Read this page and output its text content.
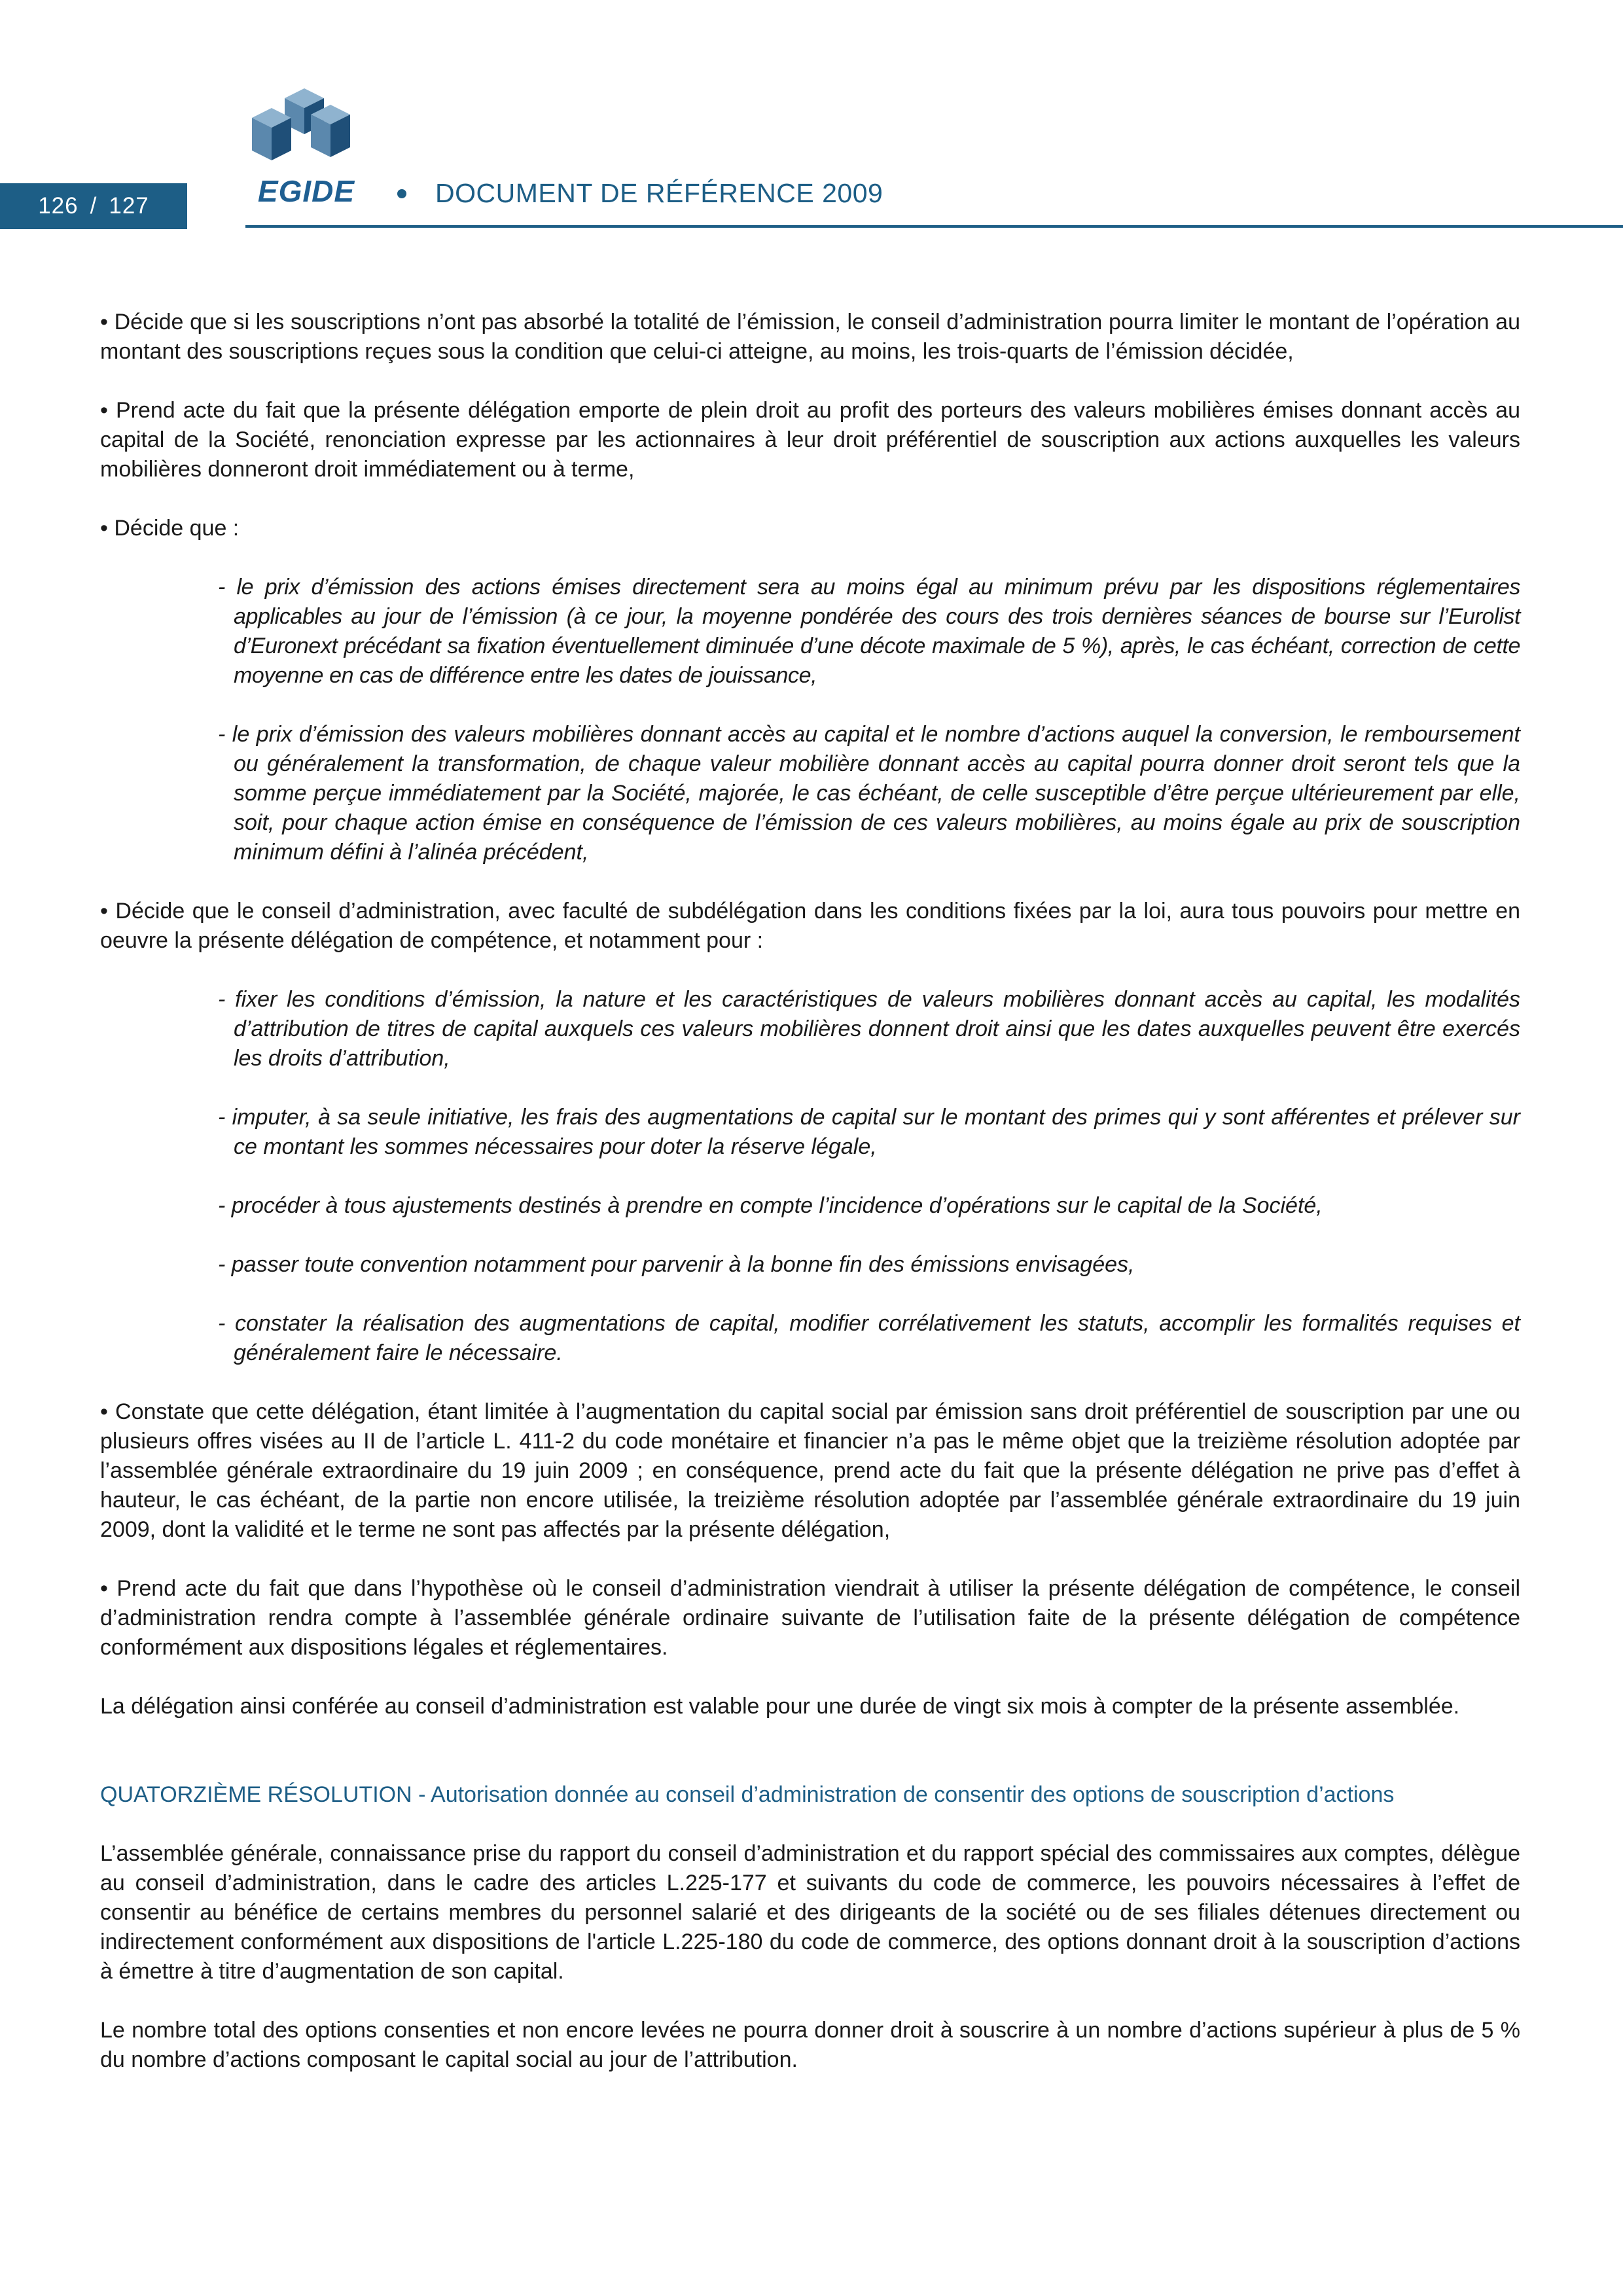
126 / 127	EGIDE	DOCUMENT DE RÉFÉRENCE 2009

• Décide que si les souscriptions n’ont pas absorbé la totalité de l’émission, le conseil d’administration pourra limiter le montant de l’opération au montant des souscriptions reçues sous la condition que celui-ci atteigne, au moins, les trois-quarts de l’émission décidée,

• Prend acte du fait que la présente délégation emporte de plein droit au profit des porteurs des valeurs mobilières émises donnant accès au capital de la Société, renonciation expresse par les actionnaires à leur droit préférentiel de souscription aux actions auxquelles les valeurs mobilières donneront droit immédiatement ou à terme,

• Décide que :

- le prix d’émission des actions émises directement sera au moins égal au minimum prévu par les dispositions réglementaires applicables au jour de l’émission (à ce jour, la moyenne pondérée des cours des trois dernières séances de bourse sur l’Eurolist d’Euronext précédant sa fixation éventuellement diminuée d’une décote maximale de 5 %), après, le cas échéant, correction de cette moyenne en cas de différence entre les dates de jouissance,

- le prix d’émission des valeurs mobilières donnant accès au capital et le nombre d’actions auquel la conversion, le remboursement ou généralement la transformation, de chaque valeur mobilière donnant accès au capital pourra donner droit seront tels que la somme perçue immédiatement par la Société, majorée, le cas échéant, de celle susceptible d’être perçue ultérieurement par elle, soit, pour chaque action émise en conséquence de l’émission de ces valeurs mobilières, au moins égale au prix de souscription minimum défini à l’alinéa précédent,

• Décide que le conseil d’administration, avec faculté de subdélégation dans les conditions fixées par la loi, aura tous pouvoirs pour mettre en oeuvre la présente délégation de compétence, et notamment pour :

- fixer les conditions d’émission, la nature et les caractéristiques de valeurs mobilières donnant accès au capital, les modalités d’attribution de titres de capital auxquels ces valeurs mobilières donnent droit ainsi que les dates auxquelles peuvent être exercés les droits d’attribution,

- imputer, à sa seule initiative, les frais des augmentations de capital sur le montant des primes qui y sont afférentes et prélever sur ce montant les sommes nécessaires pour doter la réserve légale,

- procéder à tous ajustements destinés à prendre en compte l’incidence d’opérations sur le capital de la Société,

- passer toute convention notamment pour parvenir à la bonne fin des émissions envisagées,

- constater la réalisation des augmentations de capital, modifier corrélativement les statuts, accomplir les formalités requises et généralement faire le nécessaire.

• Constate que cette délégation, étant limitée à l’augmentation du capital social par émission sans droit préférentiel de souscription par une ou plusieurs offres visées au II de l’article L. 411-2 du code monétaire et financier n’a pas le même objet que la treizième résolution adoptée par l’assemblée générale extraordinaire du 19 juin 2009 ; en conséquence, prend acte du fait que la présente délégation ne prive pas d’effet à hauteur, le cas échéant, de la partie non encore utilisée, la treizième résolution adoptée par l’assemblée générale extraordinaire du 19 juin 2009, dont la validité et le terme ne sont pas affectés par la présente délégation,

• Prend acte du fait que dans l’hypothèse où le conseil d’administration viendrait à utiliser la présente délégation de compétence, le conseil d’administration rendra compte à l’assemblée générale ordinaire suivante de l’utilisation faite de la présente délégation de compétence conformément aux dispositions légales et réglementaires.

La délégation ainsi conférée au conseil d’administration est valable pour une durée de vingt six mois à compter de la présente assemblée.

QUATORZIÈME RÉSOLUTION - Autorisation donnée au conseil d’administration de consentir des options de souscription d’actions

L’assemblée générale, connaissance prise du rapport du conseil d’administration et du rapport spécial des commissaires aux comptes, délègue au conseil d’administration, dans le cadre des articles L.225-177 et suivants du code de commerce, les pouvoirs nécessaires à l’effet de consentir au bénéfice de certains membres du personnel salarié et des dirigeants de la société ou de ses filiales détenues directement ou indirectement conformément aux dispositions de l'article L.225-180 du code de commerce, des options donnant droit à la souscription d’actions à émettre à titre d’augmentation de son capital.

Le nombre total des options consenties et non encore levées ne pourra donner droit à souscrire à un nombre d’actions supérieur à plus de 5 % du nombre d’actions composant le capital social au jour de l’attribution.
